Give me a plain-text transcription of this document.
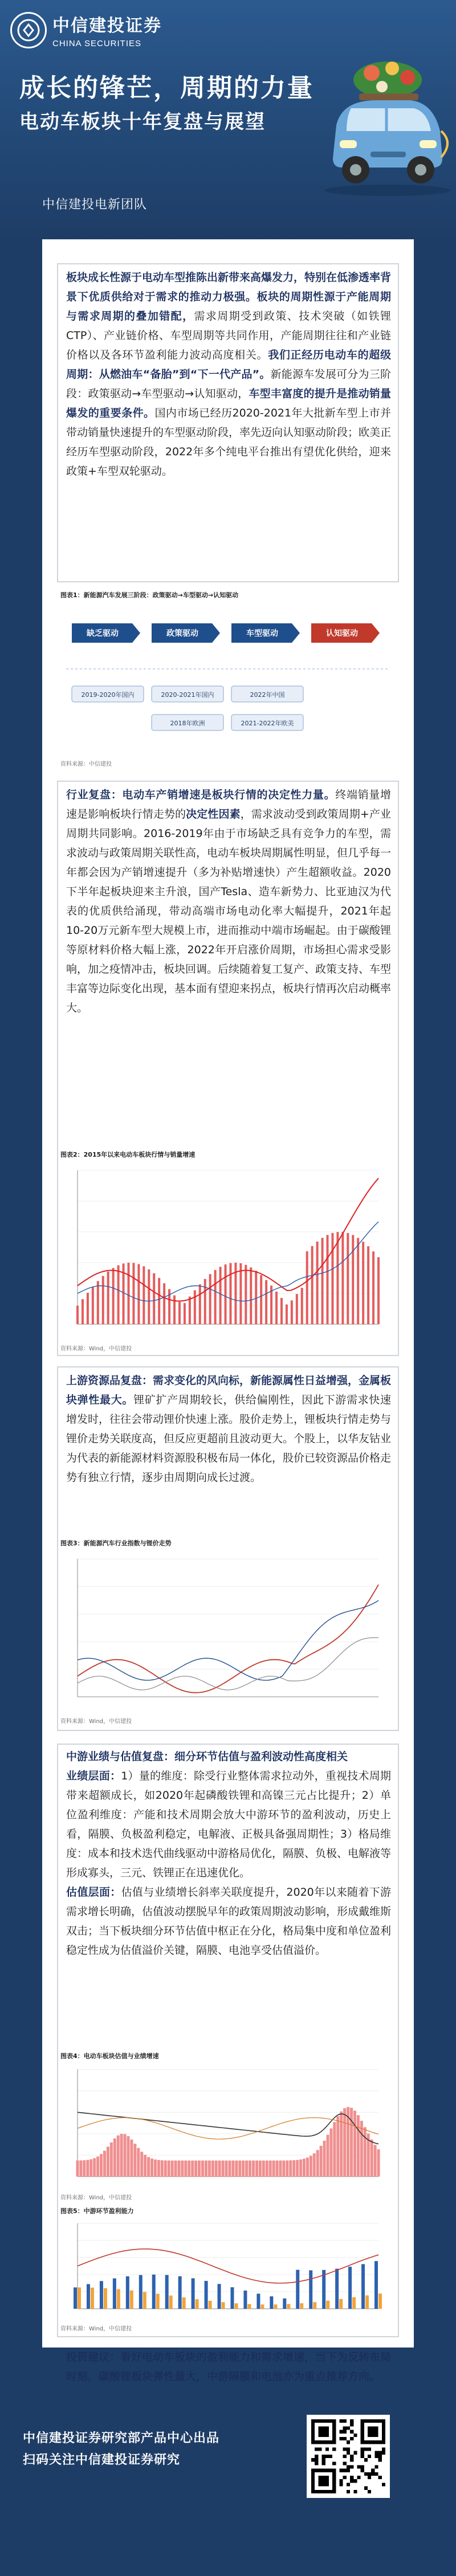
中信建投证券
CHINA SECURITIES
成长的锋芒，周期的力量
电动车板块十年复盘与展望
中信建投电新团队

板块成长性源于电动车型推陈出新带来高爆发力，特别在低渗透率背景下优质供给对于需求的推动力极强。板块的周期性源于产能周期与需求周期的叠加错配，需求周期受到政策、技术突破（如铁锂CTP）、产业链价格、车型周期等共同作用，产能周期往往和产业链价格以及各环节盈利能力波动高度相关。我们正经历电动车的超级周期：从燃油车“备胎”到“下一代产品”。新能源车发展可分为三阶段：政策驱动→车型驱动→认知驱动，车型丰富度的提升是推动销量爆发的重要条件。国内市场已经历2020-2021年大批新车型上市并带动销量快速提升的车型驱动阶段，率先迈向认知驱动阶段；欧美正经历车型驱动阶段，2022年多个纯电平台推出有望优化供给，迎来政策+车型双轮驱动。

图表1：新能源汽车发展三阶段：政策驱动→车型驱动→认知驱动
缺乏驱动	政策驱动	车型驱动	认知驱动
2019-2020年国内	2020-2021年国内	2022年中国
2018年欧洲	2021-2022年欧美
资料来源：中信建投

行业复盘：电动车产销增速是板块行情的决定性力量。终端销量增速是影响板块行情走势的决定性因素，需求波动受到政策周期+产业周期共同影响。2016-2019年由于市场缺乏具有竞争力的车型，需求波动与政策周期关联性高，电动车板块周期属性明显，但几乎每一年都会因为产销增速提升（多为补贴增速快）产生超额收益。2020下半年起板块迎来主升浪，国产Tesla、造车新势力、比亚迪汉为代表的优质供给涌现，带动高端市场电动化率大幅提升，2021年起10-20万元新车型大规模上市，进而推动中端市场崛起。由于碳酸锂等原材料价格大幅上涨，2022年开启涨价周期，市场担心需求受影响，加之疫情冲击，板块回调。后续随着复工复产、政策支持、车型丰富等边际变化出现，基本面有望迎来拐点，板块行情再次启动概率大。

图表2：2015年以来电动车板块行情与销量增速
资料来源：Wind，中信建投

上游资源品复盘：需求变化的风向标，新能源属性日益增强，金属板块弹性最大。锂矿扩产周期较长，供给偏刚性，因此下游需求快速增发时，往往会带动锂价快速上涨。股价走势上，锂板块行情走势与锂价走势关联度高，但反应更超前且波动更大。个股上，以华友钴业为代表的新能源材料资源股积极布局一体化，股价已较资源品价格走势有独立行情，逐步由周期向成长过渡。

图表3：新能源汽车行业指数与锂价走势
资料来源：Wind，中信建投

中游业绩与估值复盘：细分环节估值与盈利波动性高度相关
业绩层面：1）量的维度：除受行业整体需求拉动外，重视技术周期带来超额成长，如2020年起磷酸铁锂和高镍三元占比提升；2）单位盈利维度：产能和技术周期会放大中游环节的盈利波动，历史上看，隔膜、负极盈利稳定，电解液、正极具备强周期性；3）格局维度：成本和技术迭代曲线驱动中游格局优化，隔膜、负极、电解液等形成寡头，三元、铁锂正在迅速优化。
估值层面：估值与业绩增长斜率关联度提升，2020年以来随着下游需求增长明确，估值波动摆脱早年的政策周期波动影响，形成戴维斯双击；当下板块细分环节估值中枢正在分化，格局集中度和单位盈利稳定性成为估值溢价关键，隔膜、电池享受估值溢价。

图表4：电动车板块估值与业绩增速
资料来源：Wind，中信建投
图表5：中游环节盈利能力
资料来源：Wind，中信建投

投资建议：看好电动车板块的盈利能力和需求增速，当下为反转布局时刻，碳酸锂板块弹性最大，中游隔膜和电池亦为重点推荐方向。

中信建投证券研究部产品中心出品
扫码关注中信建投证券研究
